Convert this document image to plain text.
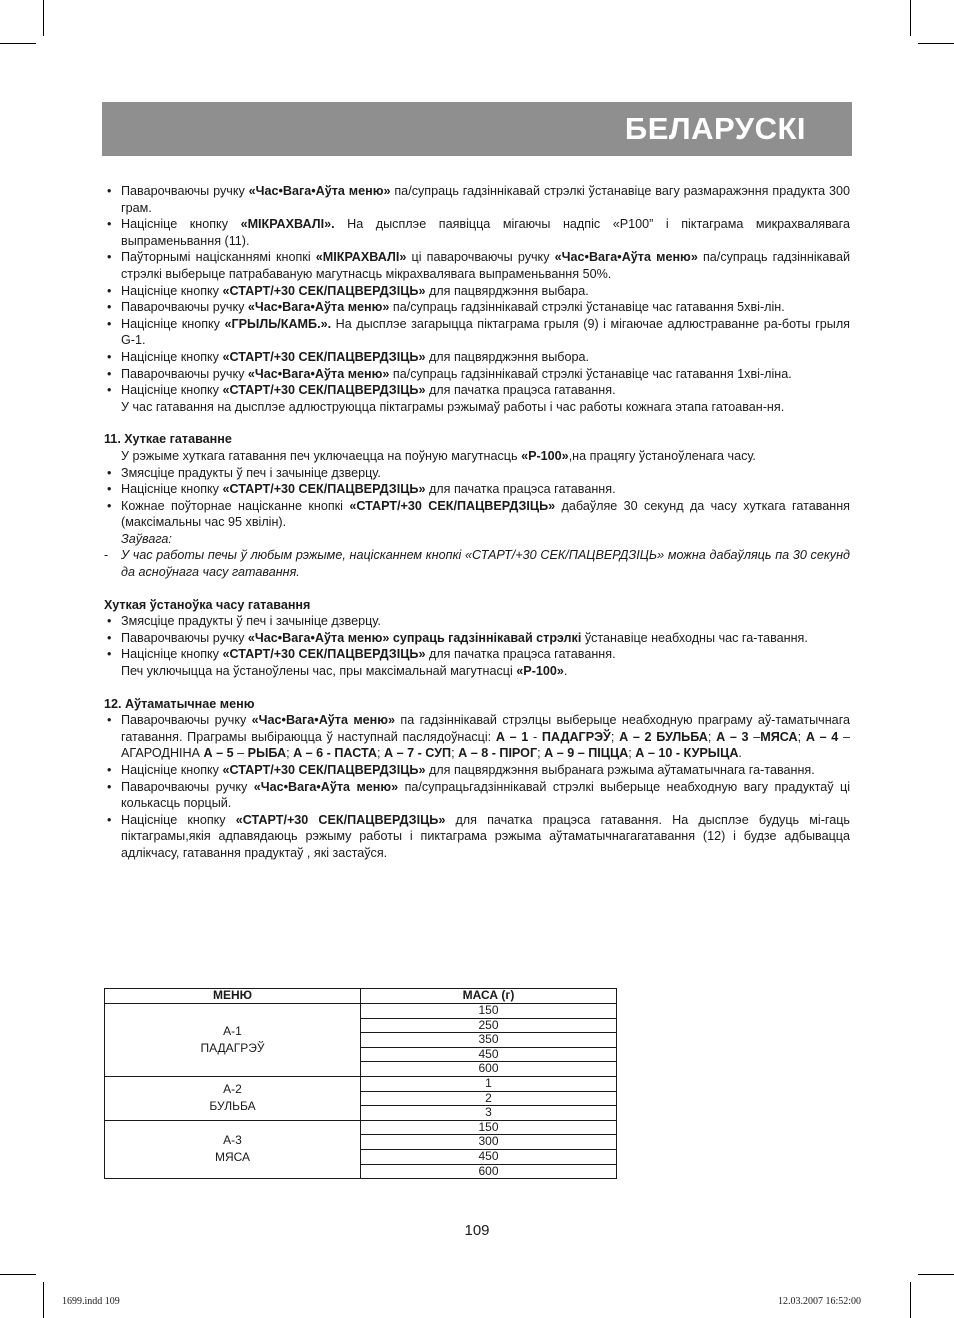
БЕЛАРУСКІ
• Паварочваючы ручку «Час•Вага•Аўта меню» па/супраць гадзіннікавай стрэлкі ўстанавіце вагу размаражэння прадукта 300 грам.
• Націсніце кнопку «МІКРАХВАЛІ». На дысплэе паявіцца мігаючы надпіс «Р100” і піктаграма микрахвалявага выпраменьвання (11).
• Паўторнымі націсканнямі кнопкі «МІКРАХВАЛІ» ці паварочваючы ручку «Час•Вага•Аўта меню» па/супраць гадзіннікавай стрэлкі выберыце патрабаваную магутнасць мікрахвалявага выпраменьвання 50%.
• Націсніце кнопку «СТАРТ/+30 СЕК/ПАЦВЕРДЗІЦЬ» для пацвярджэння выбара.
• Паварочваючы ручку «Час•Вага•Аўта меню» па/супраць гадзіннікавай стрэлкі ўстанавіце час гатавання 5хві-лін.
• Націсніце кнопку «ГРЫЛЬ/КАМБ.». На дысплэе загарыцца піктаграма грыля (9) і мігаючае адлюстраванне ра-боты грыля G-1.
• Націсніце кнопку «СТАРТ/+30 СЕК/ПАЦВЕРДЗІЦЬ» для пацвярджэння выбора.
• Паварочваючы ручку «Час•Вага•Аўта меню» па/супраць гадзіннікавай стрэлкі ўстанавіце час гатавання 1хві-ліна.
• Націсніце кнопку «СТАРТ/+30 СЕК/ПАЦВЕРДЗІЦЬ» для пачатка працэса гатавання.
У час гатавання на дысплэе адлюструюцца піктаграмы рэжымаў работы і час работы кожнага этапа гатоаван-ня.
11. Хуткае гатаванне
У рэжыме хуткага гатавання печ уключаецца на поўную магутнасць «Р-100»,на працягу ўстаноўленага часу.
• Змясціце прадукты ў печ і зачыніце дзверцу.
• Націсніце кнопку «СТАРТ/+30 СЕК/ПАЦВЕРДЗІЦЬ» для пачатка працэса гатавання.
• Кожнае поўторнае націсканне кнопкі «СТАРТ/+30 СЕК/ПАЦВЕРДЗІЦЬ» дабаўляе 30 секунд да часу хуткага гатавання (максімальны час 95 хвілін).
Заўвага:
- У час работы печы ў любым рэжыме, націсканнем кнопкі «СТАРТ/+30 СЕК/ПАЦВЕРДЗІЦЬ» можна дабаўляць па 30 секунд да асноўнага часу гатавання.
Хуткая ўстаноўка часу гатавання
• Змясціце прадукты ў печ і зачыніце дзверцу.
• Паварочваючы ручку «Час•Вага•Аўта меню» супраць гадзіннікавай стрэлкі ўстанавіце неабходны час га-тавання.
• Націсніце кнопку «СТАРТ/+30 СЕК/ПАЦВЕРДЗІЦЬ» для пачатка працэса гатавання.
Печ уключыцца на ўстаноўлены час, пры максімальнай магутнасці «Р-100».
12. Аўтаматычнае меню
• Паварочваючы ручку «Час•Вага•Аўта меню» па гадзіннікавай стрэлцы выберыце неабходную праграму аў-таматычнага гатавання. Праграмы выбіраюцца ў наступнай паслядоўнасці: А – 1 - ПАДАГРЭЎ; А – 2 БУЛЬБА; А – 3 –МЯСА; А – 4 –АГАРОДНІНА А – 5 – РЫБА; А – 6 - ПАСТА; А – 7 - СУП; А – 8 - ПІРОГ; А – 9 – ПІЦЦА; А – 10 - КУРЫЦА.
• Націсніце кнопку «СТАРТ/+30 СЕК/ПАЦВЕРДЗІЦЬ» для пацвярджэння выбранага рэжыма аўтаматычнага га-тавання.
• Паварочваючы ручку «Час•Вага•Аўта меню» па/супрацьгадзіннікавай стрэлкі выберыце неабходную вагу прадуктаў ці колькасць порцый.
• Націсніце кнопку «СТАРТ/+30 СЕК/ПАЦВЕРДЗІЦЬ» для пачатка працэса гатавання. На дысплэе будуць мі-гаць піктаграмы,якія адпавядаюць рэжыму работы і пиктаграма рэжыма аўтаматычнагагатавання (12) і будзе адбывацца адлікчасу, гатавання прадуктаў , які застаўся.
МЕНЮ	МАСА (г)

А-1
ПАДАГРЭЎ	150
	250
	350
	450
	600

А-2
БУЛЬБА	1
	2
	3

А-3
МЯСА	150
	300
	450
	600
109
1699.indd 109	12.03.2007 16:52:00
